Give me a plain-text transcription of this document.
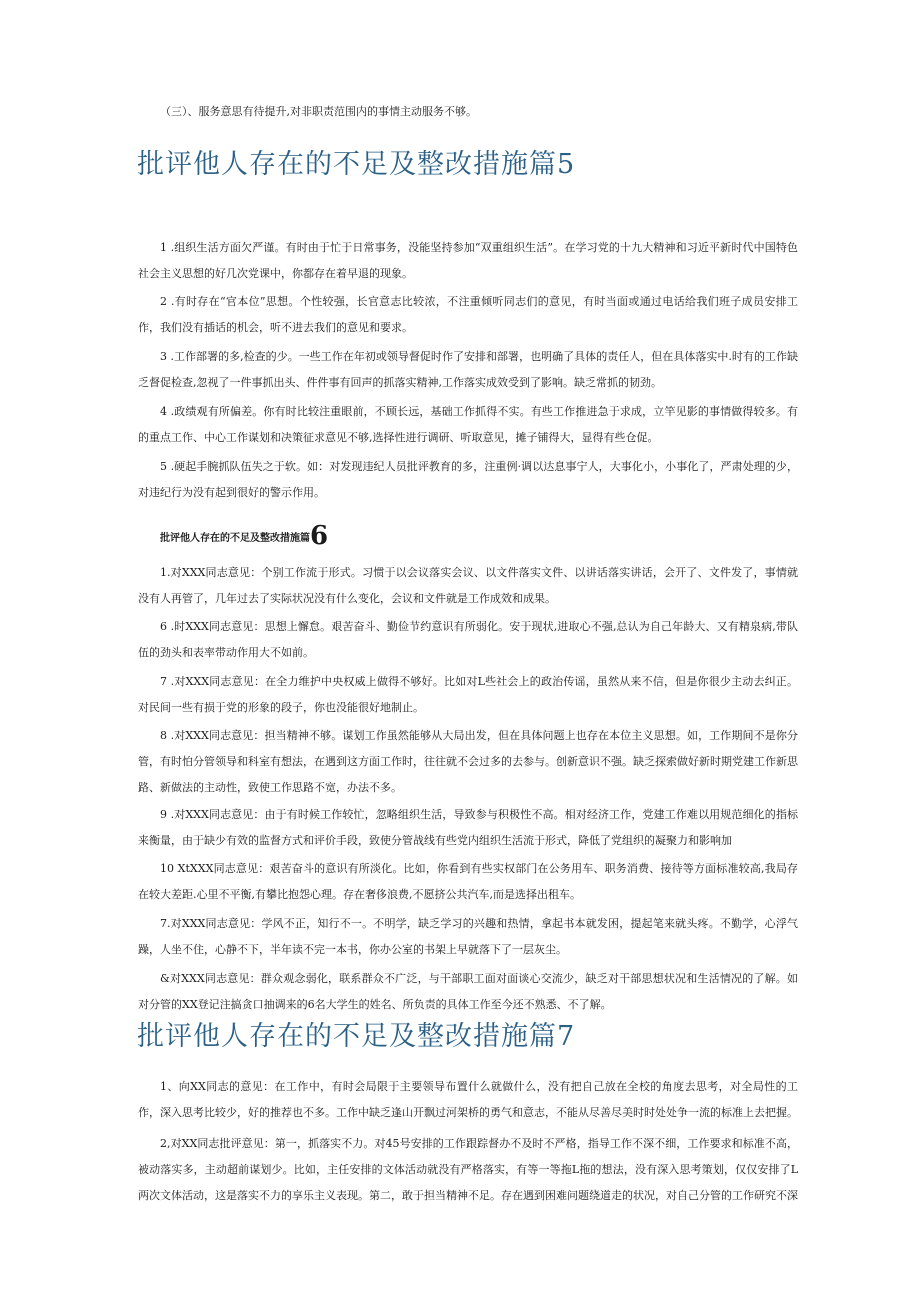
（三）、服务意思有待提升,对非职责范围内的事情主动服务不够。

批评他人存在的不足及整改措施篇5

1 .组织生活方面欠严谨。有时由于忙于日常事务，没能坚持参加“双重组织生活”。在学习党的十九大精神和习近平新时代中国特色社会主义思想的好几次党课中，你都存在着早退的现象。

2 .有时存在“官本位”思想。个性较强，长官意志比较浓，不注重倾听同志们的意见，有时当面或通过电话给我们班子成员安排工作，我们没有插话的机会，听不进去我们的意见和要求。

3 .工作部署的多,检查的少。一些工作在年初或领导督促时作了安排和部署，也明确了具体的责任人，但在具体落实中.时有的工作缺乏督促检查,忽视了一件事抓出头、件件事有回声的抓落实精神,工作落实成效受到了影响。缺乏常抓的韧劲。

4 .政绩观有所偏差。你有时比较注重眼前，不顾长远，基础工作抓得不实。有些工作推进急于求成，立竿见影的事情做得较多。有的重点工作、中心工作谋划和决策征求意见不够,选择性进行调研、听取意见，摊子铺得大，显得有些仓促。

5 .硬起手腕抓队伍失之于软。如：对发现违纪人员批评教育的多，注重例·调以达息事宁人，大事化小，小事化了，严肃处理的少，对违纪行为没有起到很好的警示作用。

批评他人存在的不足及整改措施篇6

1.对XXX同志意见：个别工作流于形式。习惯于以会议落实会议、以文件落实文件、以讲话落实讲话，会开了、文件发了，事情就没有人再管了，几年过去了实际状况没有什么变化，会议和文件就是工作成效和成果。

6 .时XXX同志意见：思想上懈怠。艰苦奋斗、勤俭节约意识有所弱化。安于现状,进取心不强,总认为自己年龄大、又有精泉病,带队伍的劲头和表率带动作用大不如前。

7 .对XXX同志意见：在全力维护中央权威上做得不够好。比如对L些社会上的政治传谣，虽然从来不信，但是你很少主动去纠正。对民间一些有损于党的形象的段子，你也没能很好地制止。

8 .对XXX同志意见：担当精神不够。谋划工作虽然能够从大局出发，但在具体问题上也存在本位主义思想。如，工作期间不是你分管，有时怕分管领导和科室有想法，在遇到这方面工作时，往往就不会过多的去参与。创新意识不强。缺乏探索做好新时期党建工作新思路、新做法的主动性，致使工作思路不宽，办法不多。

9 .对XXX同志意见：由于有时候工作较忙，忽略组织生活，导致参与积极性不高。相对经济工作，党建工作难以用规范细化的指标来衡量，由于缺少有效的监督方式和评价手段，致使分管战线有些党内组织生活流于形式，降低了党组织的凝聚力和影响加

10 XtXXX同志意见：艰苦奋斗的意识有所淡化。比如，你看到有些实权部门在公务用车、职务消费、接待等方面标准较高,我局存在较大差距.心里不平衡,有攀比抱怨心理。存在奢侈浪费,不愿挤公共汽车,而是选择出租车。

7.对XXX同志意见：学风不正，知行不一。不明学，缺乏学习的兴趣和热情，拿起书本就发困，提起笔来就头疼。不勤学，心浮气躁，人坐不住，心静不下，半年读不完一本书，你办公室的书架上早就落下了一层灰尘。

&对XXX同志意见：群众观念弱化，联系群众不广泛，与干部职工面对面谈心交流少，缺乏对干部思想状况和生活情况的了解。如对分管的XX登记注搞贪口抽调来的6名大学生的姓名、所负责的具体工作至今还不熟悉、不了解。

批评他人存在的不足及整改措施篇7

1、向XX同志的意见：在工作中，有时会局限于主要领导布置什么就做什么，没有把自己放在全校的角度去思考，对全局性的工作，深入思考比较少，好的推荐也不多。工作中缺乏逢山开飘过河架桥的勇气和意志，不能从尽善尽美时时处处争一流的标准上去把握。

2,对XX同志批评意见：第一，抓落实不力。对45号安排的工作跟踪督办不及时不严格，指导工作不深不细，工作要求和标准不高，被动落实多，主动超前谋划少。比如，主任安排的文体活动就没有严格落实，有等一等拖L拖的想法，没有深入思考策划，仅仅安排了L两次文体活动，这是落实不力的享乐主义表现。第二，敢于担当精神不足。存在遇到困难问题绕道走的状况，对自己分管的工作研究不深
